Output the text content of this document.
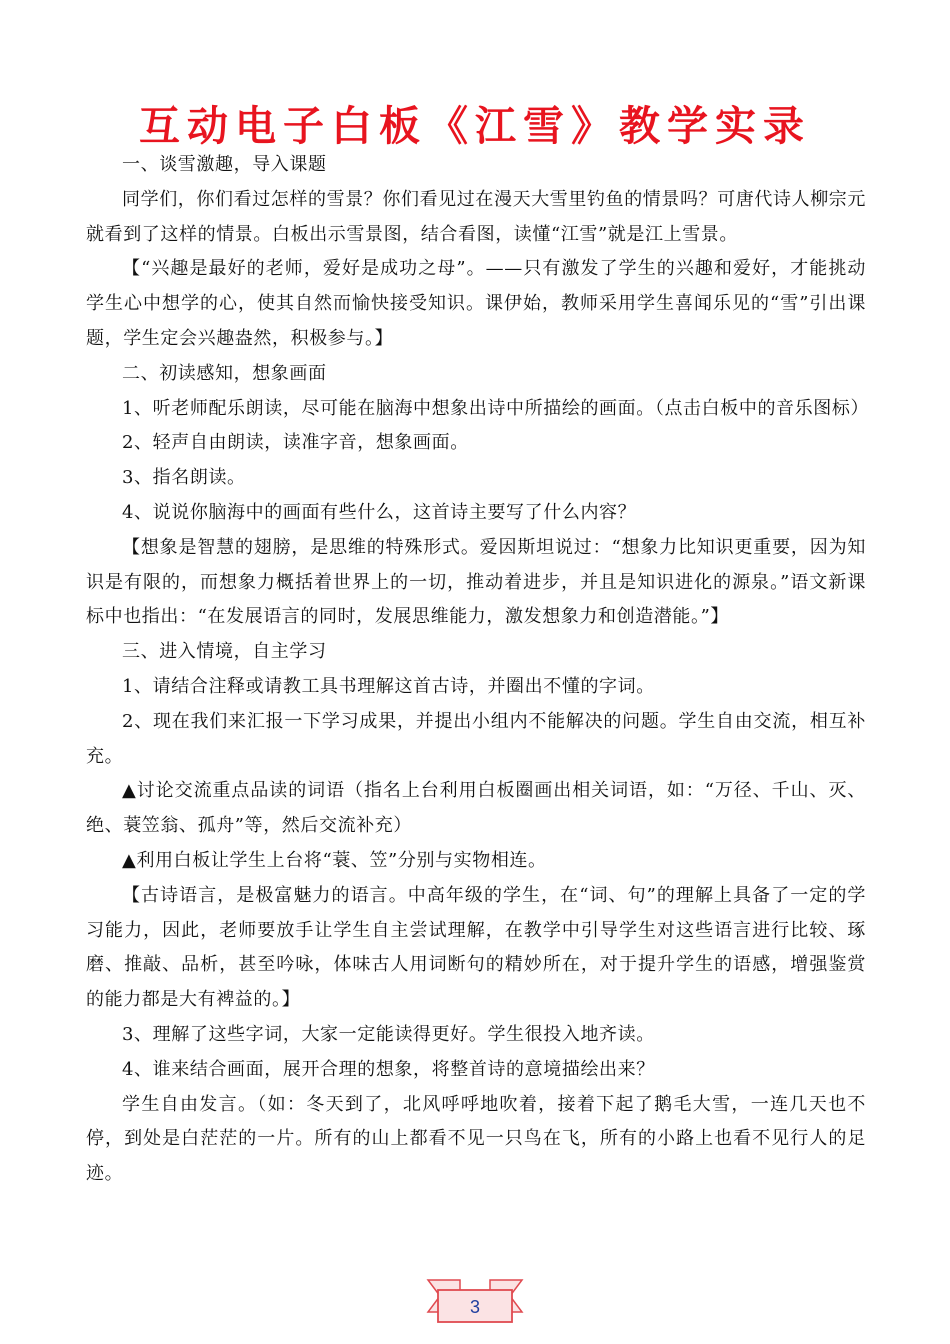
互动电子白板《江雪》教学实录

一、谈雪激趣，导入课题

同学们，你们看过怎样的雪景？你们看见过在漫天大雪里钓鱼的情景吗？可唐代诗人柳宗元就看到了这样的情景。白板出示雪景图，结合看图，读懂“江雪”就是江上雪景。

【“兴趣是最好的老师，爱好是成功之母”。——只有激发了学生的兴趣和爱好，才能挑动学生心中想学的心，使其自然而愉快接受知识。课伊始，教师采用学生喜闻乐见的“雪”引出课题，学生定会兴趣盎然，积极参与。】

二、初读感知，想象画面

1、听老师配乐朗读，尽可能在脑海中想象出诗中所描绘的画面。（点击白板中的音乐图标）

2、轻声自由朗读，读准字音，想象画面。

3、指名朗读。

4、说说你脑海中的画面有些什么，这首诗主要写了什么内容？

【想象是智慧的翅膀，是思维的特殊形式。爱因斯坦说过：“想象力比知识更重要，因为知识是有限的，而想象力概括着世界上的一切，推动着进步，并且是知识进化的源泉。”语文新课标中也指出：“在发展语言的同时，发展思维能力，激发想象力和创造潜能。”】

三、进入情境，自主学习

1、请结合注释或请教工具书理解这首古诗，并圈出不懂的字词。

2、现在我们来汇报一下学习成果，并提出小组内不能解决的问题。学生自由交流，相互补充。

▲讨论交流重点品读的词语（指名上台利用白板圈画出相关词语，如：“万径、千山、灭、绝、蓑笠翁、孤舟”等，然后交流补充）

▲利用白板让学生上台将“蓑、笠”分别与实物相连。

【古诗语言，是极富魅力的语言。中高年级的学生，在“词、句”的理解上具备了一定的学习能力，因此，老师要放手让学生自主尝试理解，在教学中引导学生对这些语言进行比较、琢磨、推敲、品析，甚至吟咏，体味古人用词断句的精妙所在，对于提升学生的语感，增强鉴赏的能力都是大有裨益的。】

3、理解了这些字词，大家一定能读得更好。学生很投入地齐读。

4、谁来结合画面，展开合理的想象，将整首诗的意境描绘出来？

学生自由发言。（如：冬天到了，北风呼呼地吹着，接着下起了鹅毛大雪，一连几天也不停，到处是白茫茫的一片。所有的山上都看不见一只鸟在飞，所有的小路上也看不见行人的足迹。

3
